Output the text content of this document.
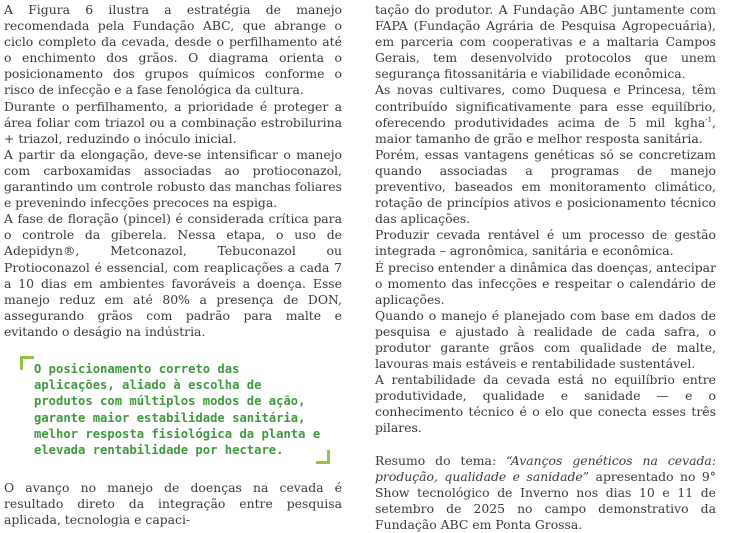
A Figura 6 ilustra a estratégia de manejo recomendada pela Fundação ABC, que abrange o ciclo completo da cevada, desde o perfilhamento até o enchimento dos grãos. O diagrama orienta o posicionamento dos grupos químicos conforme o risco de infecção e a fase fenológica da cultura.

Durante o perfilhamento, a prioridade é proteger a área foliar com triazol ou a combinação estrobilurina + triazol, reduzindo o inóculo inicial.

A partir da elongação, deve-se intensificar o manejo com carboxamidas associadas ao protioconazol, garantindo um controle robusto das manchas foliares e prevenindo infecções precoces na espiga.

A fase de floração (pincel) é considerada crítica para o controle da giberela. Nessa etapa, o uso de Adepidyn®, Metconazol, Tebuconazol ou Protioconazol é essencial, com reaplicações a cada 7 a 10 dias em ambientes favoráveis a doença. Esse manejo reduz em até 80% a presença de DON, assegurando grãos com padrão para malte e evitando o deságio na indústria.

O posicionamento correto das aplicações, aliado à escolha de produtos com múltiplos modos de ação, garante maior estabilidade sanitária, melhor resposta fisiológica da planta e elevada rentabilidade por hectare.

O avanço no manejo de doenças na cevada é resultado direto da integração entre pesquisa aplicada, tecnologia e capaci-

tação do produtor. A Fundação ABC juntamente com FAPA (Fundação Agrária de Pesquisa Agropecuária), em parceria com cooperativas e a maltaria Campos Gerais, tem desenvolvido protocolos que unem segurança fitossanitária e viabilidade econômica.

As novas cultivares, como Duquesa e Princesa, têm contribuído significativamente para esse equilíbrio, oferecendo produtividades acima de 5 mil kgha$^{-1}$, maior tamanho de grão e melhor resposta sanitária.

Porém, essas vantagens genéticas só se concretizam quando associadas a programas de manejo preventivo, baseados em monitoramento climático, rotação de princípios ativos e posicionamento técnico das aplicações.

Produzir cevada rentável é um processo de gestão integrada – agronômica, sanitária e econômica.

É preciso entender a dinâmica das doenças, antecipar o momento das infecções e respeitar o calendário de aplicações.

Quando o manejo é planejado com base em dados de pesquisa e ajustado à realidade de cada safra, o produtor garante grãos com qualidade de malte, lavouras mais estáveis e rentabilidade sustentável.

A rentabilidade da cevada está no equilíbrio entre produtividade, qualidade e sanidade — e o conhecimento técnico é o elo que conecta esses três pilares.

Resumo do tema: “Avanços genéticos na cevada: produção, qualidade e sanidade” apresentado no 9° Show tecnológico de Inverno nos dias 10 e 11 de setembro de 2025 no campo demonstrativo da Fundação ABC em Ponta Grossa.
